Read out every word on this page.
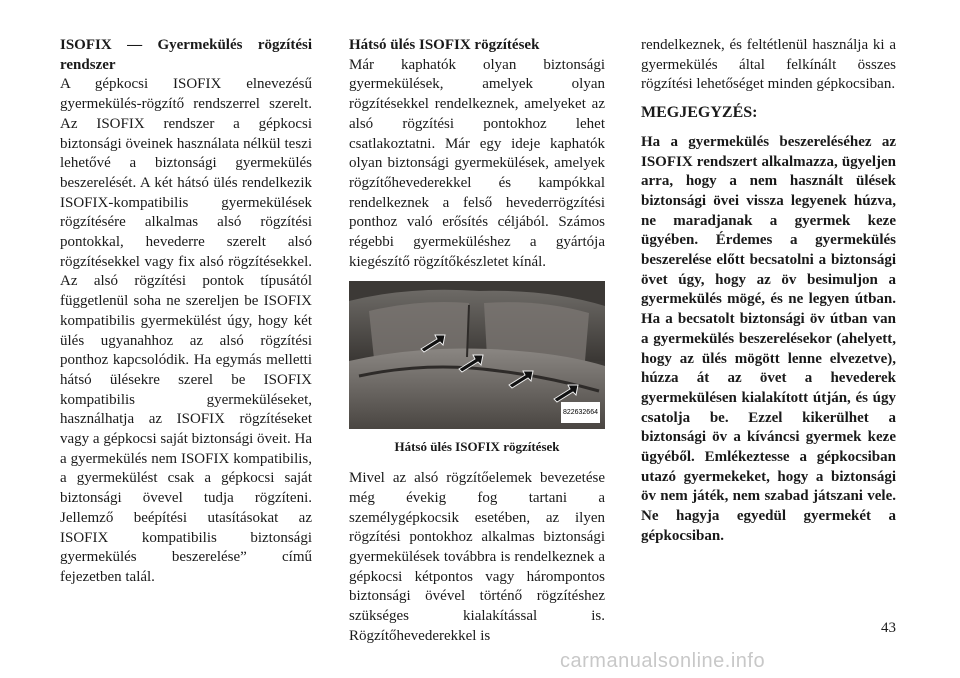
ISOFIX — Gyermekülés rögzítési rendszer

A gépkocsi ISOFIX elnevezésű gyermekülés-rögzítő rendszerrel szerelt. Az ISOFIX rendszer a gépkocsi biztonsági öveinek használata nélkül teszi lehetővé a biztonsági gyermekülés beszerelését. A két hátsó ülés rendelkezik ISOFIX-kompatibilis gyermekülések rögzítésére alkalmas alsó rögzítési pontokkal, hevederre szerelt alsó rögzítésekkel vagy fix alsó rögzítésekkel. Az alsó rögzítési pontok típusától függetlenül soha ne szereljen be ISOFIX kompatibilis gyermekülést úgy, hogy két ülés ugyanahhoz az alsó rögzítési ponthoz kapcsolódik. Ha egymás melletti hátsó ülésekre szerel be ISOFIX kompatibilis gyermeküléseket, használhatja az ISOFIX rögzítéseket vagy a gépkocsi saját biztonsági öveit. Ha a gyermekülés nem ISOFIX kompatibilis, a gyermekülést csak a gépkocsi saját biztonsági övevel tudja rögzíteni. Jellemző beépítési utasításokat az ISOFIX kompatibilis biztonsági gyermekülés beszerelése” című fejezetben talál.

Hátsó ülés ISOFIX rögzítések

Már kaphatók olyan biztonsági gyermekülések, amelyek olyan rögzítésekkel rendelkeznek, amelyeket az alsó rögzítési pontokhoz lehet csatlakoztatni. Már egy ideje kaphatók olyan biztonsági gyermekülések, amelyek rögzítőhevederekkel és kampókkal rendelkeznek a felső hevederrögzítési ponthoz való erősítés céljából. Számos régebbi gyermeküléshez a gyártója kiegészítő rögzítőkészletet kínál.

822632664

Hátsó ülés ISOFIX rögzítések

Mivel az alsó rögzítőelemek bevezetése még évekig fog tartani a személygépkocsik esetében, az ilyen rögzítési pontokhoz alkalmas biztonsági gyermekülések továbbra is rendelkeznek a gépkocsi kétpontos vagy hárompontos biztonsági övével történő rögzítéshez szükséges kialakítással is. Rögzítőhevederekkel is

rendelkeznek, és feltétlenül használja ki a gyermekülés által felkínált összes rögzítési lehetőséget minden gépkocsiban.

MEGJEGYZÉS:

Ha a gyermekülés beszereléséhez az ISOFIX rendszert alkalmazza, ügyeljen arra, hogy a nem használt ülések biztonsági övei vissza legyenek húzva, ne maradjanak a gyermek keze ügyében. Érdemes a gyermekülés beszerelése előtt becsatolni a biztonsági övet úgy, hogy az öv besimuljon a gyermekülés mögé, és ne legyen útban. Ha a becsatolt biztonsági öv útban van a gyermekülés beszerelésekor (ahelyett, hogy az ülés mögött lenne elvezetve), húzza át az övet a hevederek gyermekülésen kialakított útján, és úgy csatolja be. Ezzel kikerülhet a biztonsági öv a kíváncsi gyermek keze ügyéből. Emlékeztesse a gépkocsiban utazó gyermekeket, hogy a biztonsági öv nem játék, nem szabad játszani vele. Ne hagyja egyedül gyermekét a gépkocsiban.

43
carmanualsonline.info
